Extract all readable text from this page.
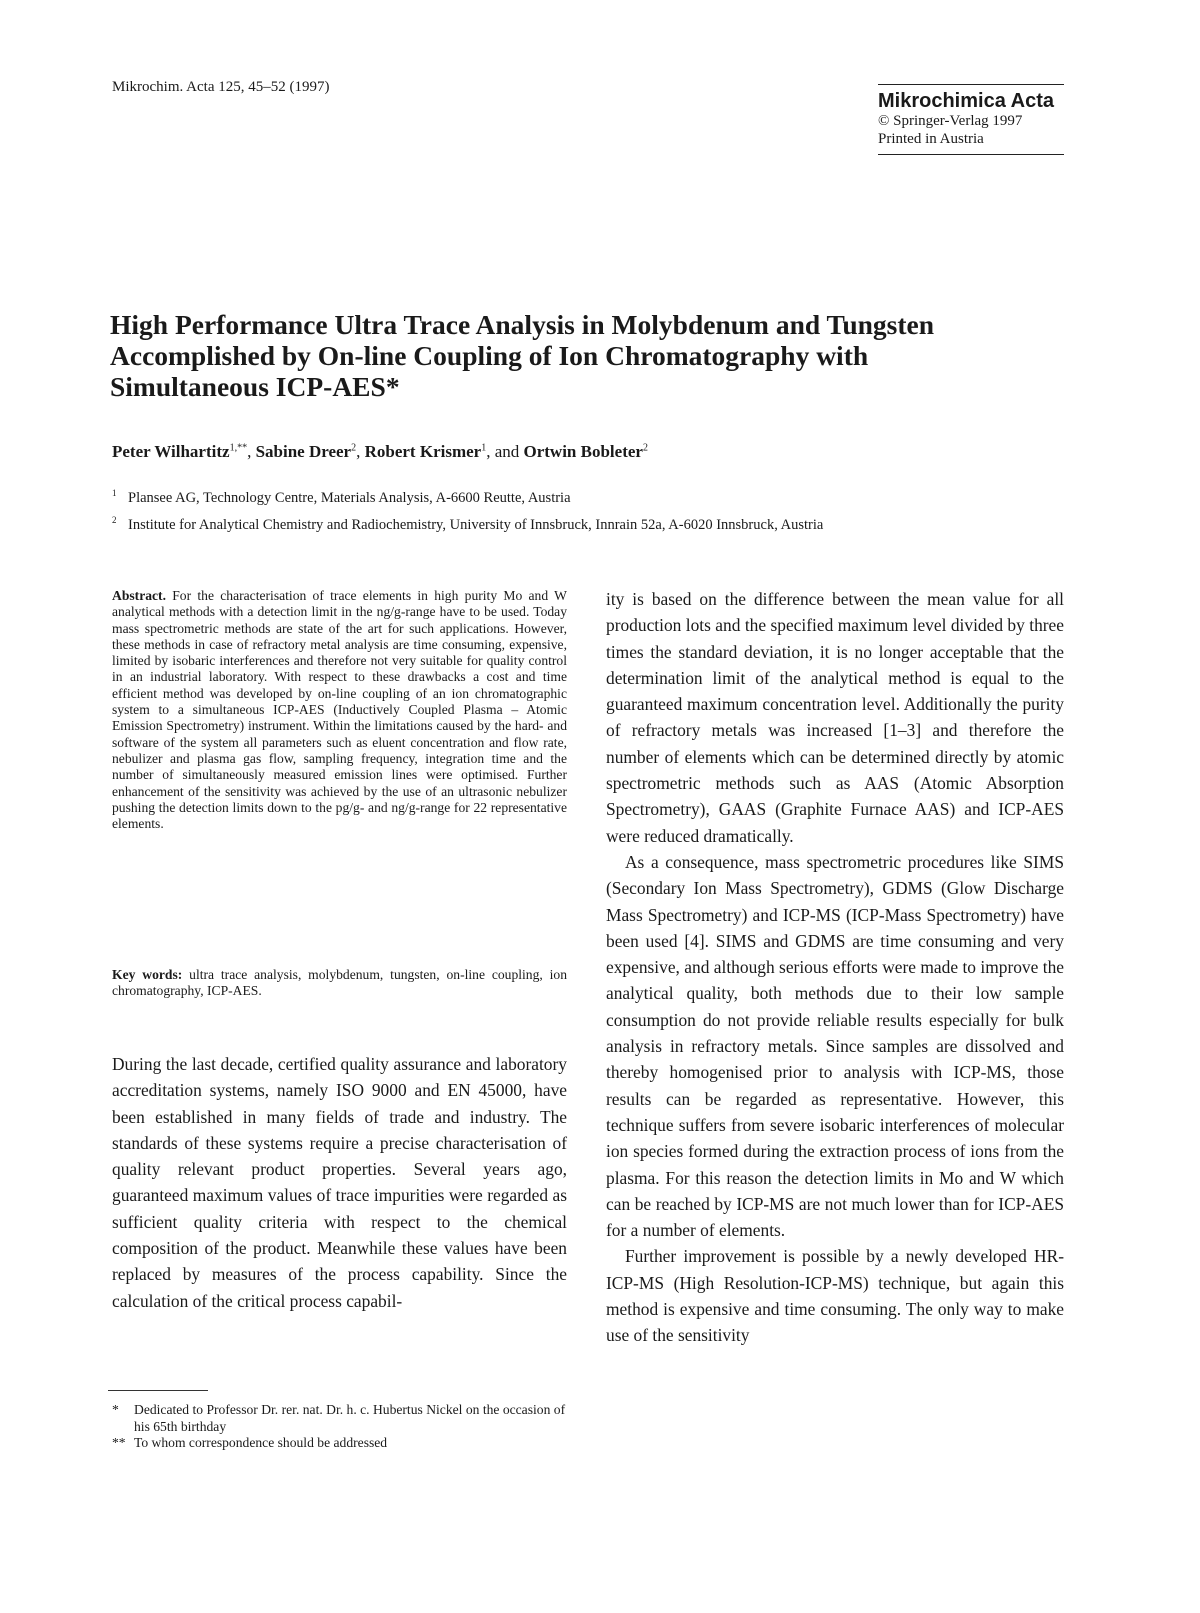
Mikrochim. Acta 125, 45–52 (1997)
Mikrochimica Acta
© Springer-Verlag 1997
Printed in Austria
High Performance Ultra Trace Analysis in Molybdenum and Tungsten Accomplished by On-line Coupling of Ion Chromatography with Simultaneous ICP-AES*
Peter Wilhartitz$^{1,**}$, Sabine Dreer$^2$, Robert Krismer$^1$, and Ortwin Bobleter$^2$
1 Plansee AG, Technology Centre, Materials Analysis, A-6600 Reutte, Austria
2 Institute for Analytical Chemistry and Radiochemistry, University of Innsbruck, Innrain 52a, A-6020 Innsbruck, Austria
Abstract. For the characterisation of trace elements in high purity Mo and W analytical methods with a detection limit in the ng/g-range have to be used. Today mass spectrometric methods are state of the art for such applications. However, these methods in case of refractory metal analysis are time consuming, expensive, limited by isobaric interferences and therefore not very suitable for quality control in an industrial laboratory. With respect to these drawbacks a cost and time efficient method was developed by on-line coupling of an ion chromatographic system to a simultaneous ICP-AES (Inductively Coupled Plasma – Atomic Emission Spectrometry) instrument. Within the limitations caused by the hard- and software of the system all parameters such as eluent concentration and flow rate, nebulizer and plasma gas flow, sampling frequency, integration time and the number of simultaneously measured emission lines were optimised. Further enhancement of the sensitivity was achieved by the use of an ultrasonic nebulizer pushing the detection limits down to the pg/g- and ng/g-range for 22 representative elements.
Key words: ultra trace analysis, molybdenum, tungsten, on-line coupling, ion chromatography, ICP-AES.
During the last decade, certified quality assurance and laboratory accreditation systems, namely ISO 9000 and EN 45000, have been established in many fields of trade and industry. The standards of these systems require a precise characterisation of quality relevant product properties. Several years ago, guaranteed maximum values of trace impurities were regarded as sufficient quality criteria with respect to the chemical composition of the product. Meanwhile these values have been replaced by measures of the process capability. Since the calculation of the critical process capabil-
* Dedicated to Professor Dr. rer. nat. Dr. h. c. Hubertus Nickel on the occasion of his 65th birthday
** To whom correspondence should be addressed

ity is based on the difference between the mean value for all production lots and the specified maximum level divided by three times the standard deviation, it is no longer acceptable that the determination limit of the analytical method is equal to the guaranteed maximum concentration level. Additionally the purity of refractory metals was increased [1–3] and therefore the number of elements which can be determined directly by atomic spectrometric methods such as AAS (Atomic Absorption Spectrometry), GAAS (Graphite Furnace AAS) and ICP-AES were reduced dramatically.

As a consequence, mass spectrometric procedures like SIMS (Secondary Ion Mass Spectrometry), GDMS (Glow Discharge Mass Spectrometry) and ICP-MS (ICP-Mass Spectrometry) have been used [4]. SIMS and GDMS are time consuming and very expensive, and although serious efforts were made to improve the analytical quality, both methods due to their low sample consumption do not provide reliable results especially for bulk analysis in refractory metals. Since samples are dissolved and thereby homogenised prior to analysis with ICP-MS, those results can be regarded as representative. However, this technique suffers from severe isobaric interferences of molecular ion species formed during the extraction process of ions from the plasma. For this reason the detection limits in Mo and W which can be reached by ICP-MS are not much lower than for ICP-AES for a number of elements.

Further improvement is possible by a newly developed HR-ICP-MS (High Resolution-ICP-MS) technique, but again this method is expensive and time consuming. The only way to make use of the sensitivity
